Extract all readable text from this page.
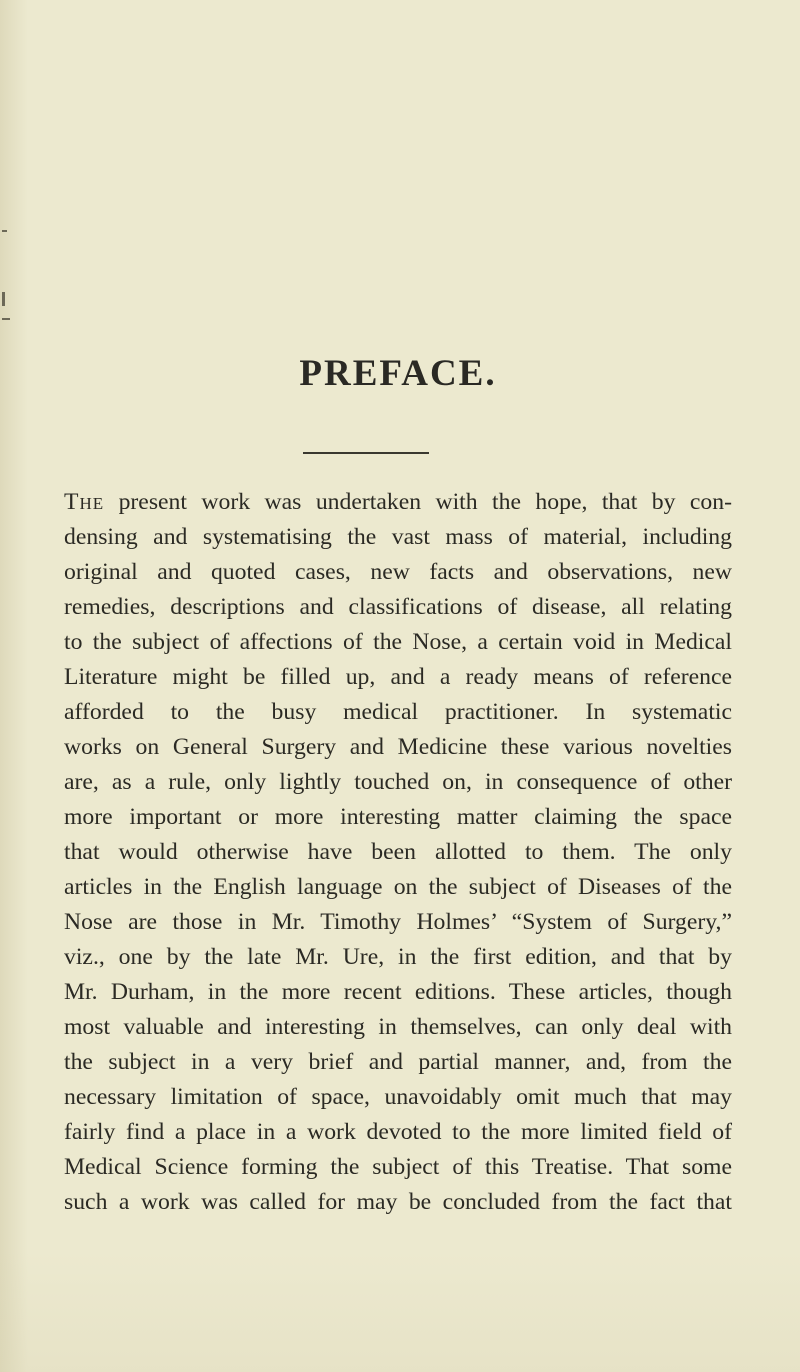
PREFACE.
The present work was undertaken with the hope, that by con-
densing and systematising the vast mass of material, including
original and quoted cases, new facts and observations, new
remedies, descriptions and classifications of disease, all relating
to the subject of affections of the Nose, a certain void in Medical
Literature might be filled up, and a ready means of reference
afforded to the busy medical practitioner. In systematic
works on General Surgery and Medicine these various novelties
are, as a rule, only lightly touched on, in consequence of other
more important or more interesting matter claiming the space
that would otherwise have been allotted to them. The only
articles in the English language on the subject of Diseases of the
Nose are those in Mr. Timothy Holmes’ “System of Surgery,”
viz., one by the late Mr. Ure, in the first edition, and that by
Mr. Durham, in the more recent editions. These articles, though
most valuable and interesting in themselves, can only deal with
the subject in a very brief and partial manner, and, from the
necessary limitation of space, unavoidably omit much that may
fairly find a place in a work devoted to the more limited field of
Medical Science forming the subject of this Treatise. That some
such a work was called for may be concluded from the fact that
